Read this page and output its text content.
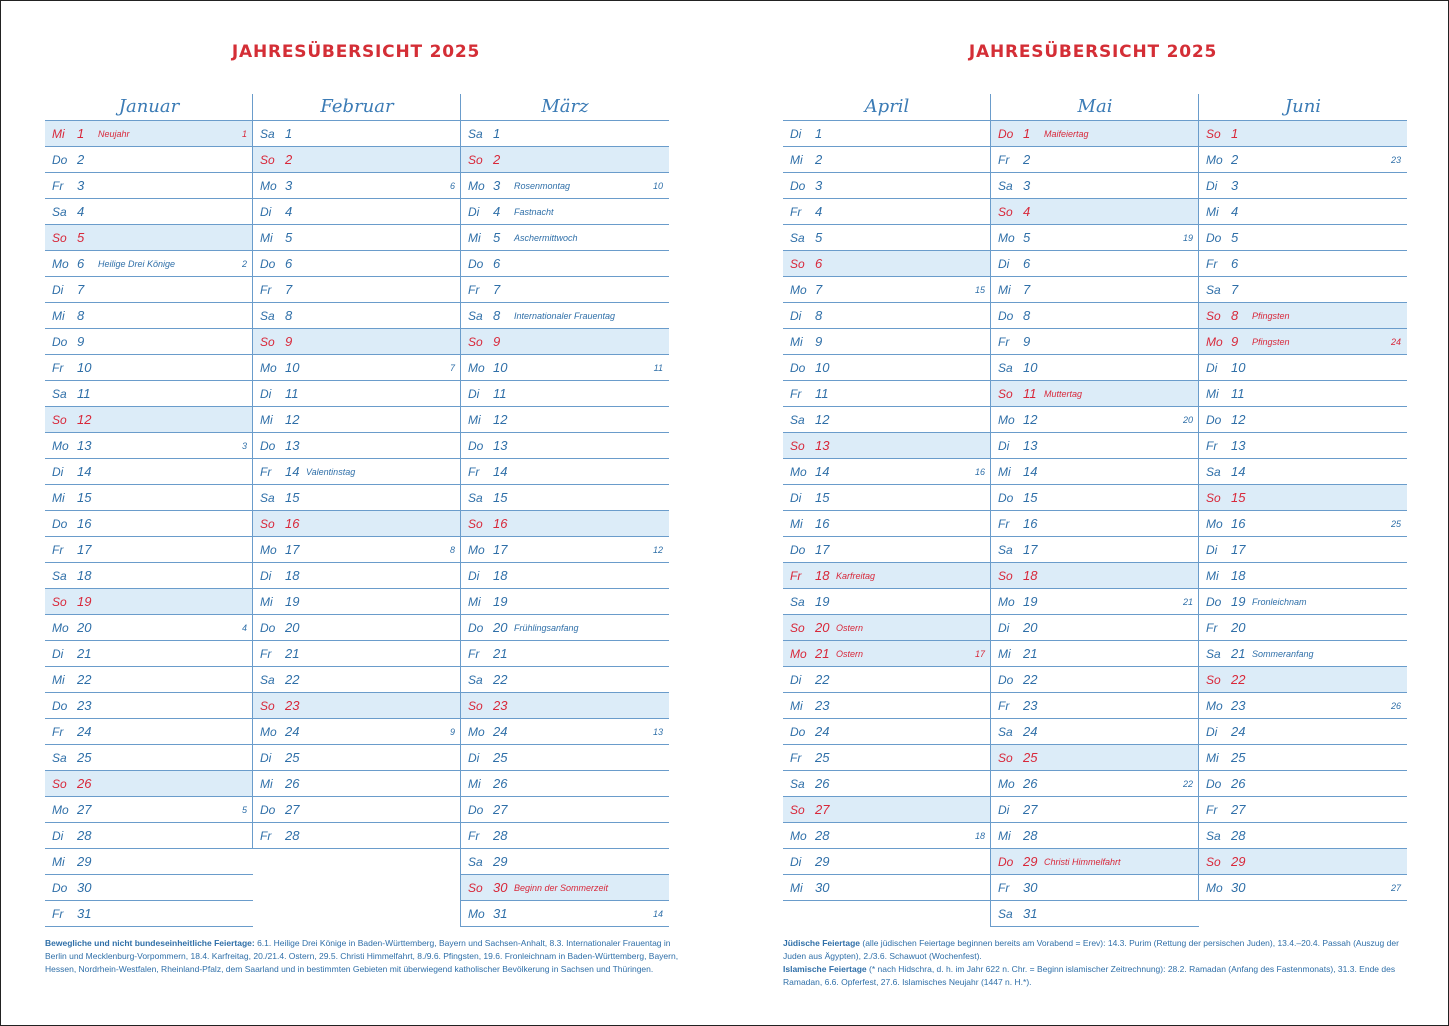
JAHRESÜBERSICHT 2025	JAHRESÜBERSICHT 2025
Januar
Mi 1 Neujahr	1
Do 2
Fr 3
Sa 4
So 5
Mo 6 Heilige Drei Könige	2
Di 7
Mi 8
Do 9
Fr 10
Sa 11
So 12
Mo 13	3
Di 14
Mi 15
Do 16
Fr 17
Sa 18
So 19
Mo 20	4
Di 21
Mi 22
Do 23
Fr 24
Sa 25
So 26
Mo 27	5
Di 28
Mi 29
Do 30
Fr 31
Februar
Sa 1
So 2
Mo 3	6
Di 4
Mi 5
Do 6
Fr 7
Sa 8
So 9
Mo 10	7
Di 11
Mi 12
Do 13
Fr 14 Valentinstag
Sa 15
So 16
Mo 17	8
Di 18
Mi 19
Do 20
Fr 21
Sa 22
So 23
Mo 24	9
Di 25
Mi 26
Do 27
Fr 28
März
Sa 1
So 2
Mo 3 Rosenmontag	10
Di 4 Fastnacht
Mi 5 Aschermittwoch
Do 6
Fr 7
Sa 8 Internationaler Frauentag
So 9
Mo 10	11
Di 11
Mi 12
Do 13
Fr 14
Sa 15
So 16
Mo 17	12
Di 18
Mi 19
Do 20 Frühlingsanfang
Fr 21
Sa 22
So 23
Mo 24	13
Di 25
Mi 26
Do 27
Fr 28
Sa 29
So 30 Beginn der Sommerzeit
Mo 31	14
April
Di 1
Mi 2
Do 3
Fr 4
Sa 5
So 6
Mo 7	15
Di 8
Mi 9
Do 10
Fr 11
Sa 12
So 13
Mo 14	16
Di 15
Mi 16
Do 17
Fr 18 Karfreitag
Sa 19
So 20 Ostern
Mo 21 Ostern	17
Di 22
Mi 23
Do 24
Fr 25
Sa 26
So 27
Mo 28	18
Di 29
Mi 30
Mai
Do 1 Maifeiertag
Fr 2
Sa 3
So 4
Mo 5	19
Di 6
Mi 7
Do 8
Fr 9
Sa 10
So 11 Muttertag
Mo 12	20
Di 13
Mi 14
Do 15
Fr 16
Sa 17
So 18
Mo 19	21
Di 20
Mi 21
Do 22
Fr 23
Sa 24
So 25
Mo 26	22
Di 27
Mi 28
Do 29 Christi Himmelfahrt
Fr 30
Sa 31
Juni
So 1
Mo 2	23
Di 3
Mi 4
Do 5
Fr 6
Sa 7
So 8 Pfingsten
Mo 9 Pfingsten	24
Di 10
Mi 11
Do 12
Fr 13
Sa 14
So 15
Mo 16	25
Di 17
Mi 18
Do 19 Fronleichnam
Fr 20
Sa 21 Sommeranfang
So 22
Mo 23	26
Di 24
Mi 25
Do 26
Fr 27
Sa 28
So 29
Mo 30	27
Bewegliche und nicht bundeseinheitliche Feiertage: 6.1. Heilige Drei Könige in Baden-Württemberg, Bayern und Sachsen-Anhalt, 8.3. Internationaler Frauentag in Berlin und Mecklenburg-Vorpommern, 18.4. Karfreitag, 20./21.4. Ostern, 29.5. Christi Himmelfahrt, 8./9.6. Pfingsten, 19.6. Fronleichnam in Baden-Württemberg, Bayern, Hessen, Nordrhein-Westfalen, Rheinland-Pfalz, dem Saarland und in bestimmten Gebieten mit überwiegend katholischer Bevölkerung in Sachsen und Thüringen.
Jüdische Feiertage (alle jüdischen Feiertage beginnen bereits am Vorabend = Erev): 14.3. Purim (Rettung der persischen Juden), 13.4.–20.4. Passah (Auszug der Juden aus Ägypten), 2./3.6. Schawuot (Wochenfest).
Islamische Feiertage (* nach Hidschra, d. h. im Jahr 622 n. Chr. = Beginn islamischer Zeitrechnung): 28.2. Ramadan (Anfang des Fastenmonats), 31.3. Ende des Ramadan, 6.6. Opferfest, 27.6. Islamisches Neujahr (1447 n. H.*).
